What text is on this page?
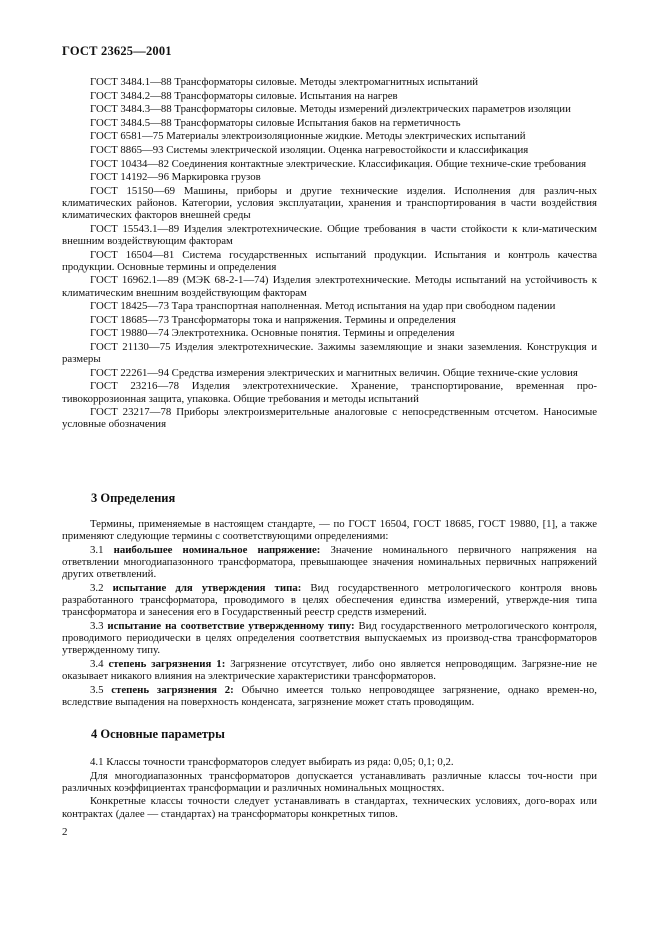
ГОСТ 23625—2001

ГОСТ 3484.1—88 Трансформаторы силовые. Методы электромагнитных испытаний

ГОСТ 3484.2—88 Трансформаторы силовые. Испытания на нагрев

ГОСТ 3484.3—88 Трансформаторы силовые. Методы измерений диэлектрических параметров изоляции

ГОСТ 3484.5—88 Трансформаторы силовые Испытания баков на герметичность

ГОСТ 6581—75 Материалы электроизоляционные жидкие. Методы электрических испытаний

ГОСТ 8865—93 Системы электрической изоляции. Оценка нагревостойкости и классификация

ГОСТ 10434—82 Соединения контактные электрические. Классификация. Общие техниче-ские требования

ГОСТ 14192—96 Маркировка грузов

ГОСТ 15150—69 Машины, приборы и другие технические изделия. Исполнения для различ-ных климатических районов. Категории, условия эксплуатации, хранения и транспортирования в части воздействия климатических факторов внешней среды

ГОСТ 15543.1—89 Изделия электротехнические. Общие требования в части стойкости к кли-матическим внешним воздействующим факторам

ГОСТ 16504—81 Система государственных испытаний продукции. Испытания и контроль качества продукции. Основные термины и определения

ГОСТ 16962.1—89 (МЭК 68-2-1—74) Изделия электротехнические. Методы испытаний на устойчивость к климатическим внешним воздействующим факторам

ГОСТ 18425—73 Тара транспортная наполненная. Метод испытания на удар при свободном падении

ГОСТ 18685—73 Трансформаторы тока и напряжения. Термины и определения

ГОСТ 19880—74 Электротехника. Основные понятия. Термины и определения

ГОСТ 21130—75 Изделия электротехнические. Зажимы заземляющие и знаки заземления. Конструкция и размеры

ГОСТ 22261—94 Средства измерения электрических и магнитных величин. Общие техниче-ские условия

ГОСТ 23216—78 Изделия электротехнические. Хранение, транспортирование, временная про-тивокоррозионная защита, упаковка. Общие требования и методы испытаний

ГОСТ 23217—78 Приборы электроизмерительные аналоговые с непосредственным отсчетом. Наносимые условные обозначения

3 Определения

Термины, применяемые в настоящем стандарте, — по ГОСТ 16504, ГОСТ 18685, ГОСТ 19880, [1], а также применяют следующие термины с соответствующими определениями:

3.1 наибольшее номинальное напряжение: Значение номинального первичного напряжения на ответвлении многодиапазонного трансформатора, превышающее значения номинальных первичных напряжений других ответвлений.

3.2 испытание для утверждения типа: Вид государственного метрологического контроля вновь разработанного трансформатора, проводимого в целях обеспечения единства измерений, утвержде-ния типа трансформатора и занесения его в Государственный реестр средств измерений.

3.3 испытание на соответствие утвержденному типу: Вид государственного метрологического контроля, проводимого периодически в целях определения соответствия выпускаемых из производ-ства трансформаторов утвержденному типу.

3.4 степень загрязнения 1: Загрязнение отсутствует, либо оно является непроводящим. Загрязне-ние не оказывает никакого влияния на электрические характеристики трансформаторов.

3.5 степень загрязнения 2: Обычно имеется только непроводящее загрязнение, однако времен-но, вследствие выпадения на поверхность конденсата, загрязнение может стать проводящим.

4 Основные параметры

4.1 Классы точности трансформаторов следует выбирать из ряда: 0,05; 0,1; 0,2.

Для многодиапазонных трансформаторов допускается устанавливать различные классы точ-ности при различных коэффициентах трансформации и различных номинальных мощностях.

Конкретные классы точности следует устанавливать в стандартах, технических условиях, дого-ворах или контрактах (далее — стандартах) на трансформаторы конкретных типов.

2
